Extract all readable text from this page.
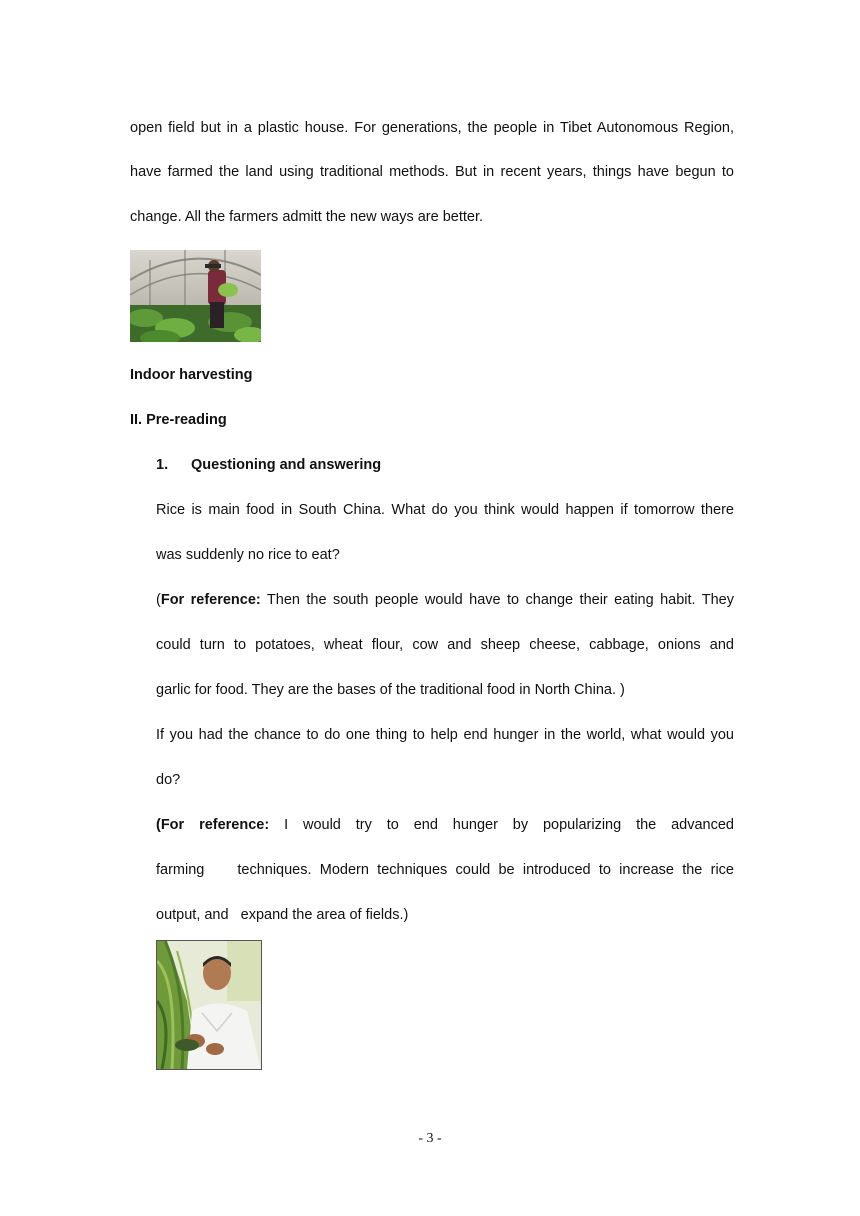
open field but in a plastic house. For generations, the people in Tibet Autonomous Region,
have farmed the land using traditional methods. But in recent years, things have begun to
change. All the farmers admitt the new ways are better.
Indoor harvesting
II. Pre-reading
1. Questioning and answering
Rice is main food in South China. What do you think would happen if tomorrow there
was suddenly no rice to eat?
(For reference: Then the south people would have to change their eating habit. They
could turn to potatoes, wheat flour, cow and sheep cheese, cabbage, onions and
garlic for food. They are the bases of the traditional food in North China. )
If you had the chance to do one thing to help end hunger in the world, what would you
do?
(For reference: I would try to end hunger by popularizing the advanced
farming    techniques. Modern techniques could be introduced to increase the rice
output, and   expand the area of fields.)
- 3 -
